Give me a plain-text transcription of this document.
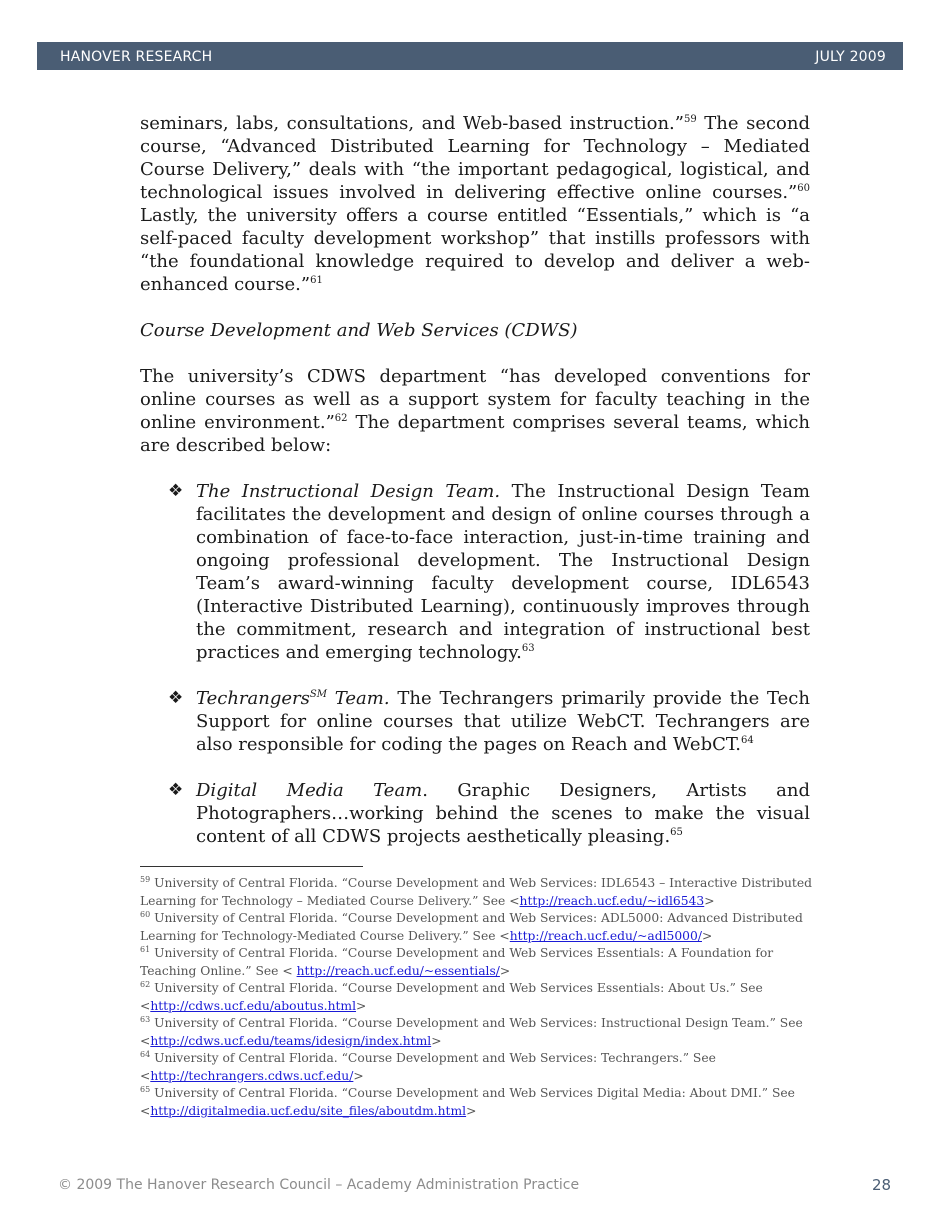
HANOVER RESEARCH	JULY 2009

seminars, labs, consultations, and Web-based instruction.”$^{59}$ The second course, “Advanced Distributed Learning for Technology – Mediated Course Delivery,” deals with “the important pedagogical, logistical, and technological issues involved in delivering effective online courses.”$^{60}$ Lastly, the university offers a course entitled “Essentials,” which is “a self-paced faculty development workshop” that instills professors with “the foundational knowledge required to develop and deliver a web-enhanced course.”$^{61}$

Course Development and Web Services (CDWS)

The university’s CDWS department “has developed conventions for online courses as well as a support system for faculty teaching in the online environment.”$^{62}$ The department comprises several teams, which are described below:

❖ The Instructional Design Team. The Instructional Design Team facilitates the development and design of online courses through a combination of face-to-face interaction, just-in-time training and ongoing professional development. The Instructional Design Team’s award-winning faculty development course, IDL6543 (Interactive Distributed Learning), continuously improves through the commitment, research and integration of instructional best practices and emerging technology.$^{63}$
❖ Techrangers℠ Team. The Techrangers primarily provide the Tech Support for online courses that utilize WebCT. Techrangers are also responsible for coding the pages on Reach and WebCT.$^{64}$
❖ Digital Media Team. Graphic Designers, Artists and Photographers…working behind the scenes to make the visual content of all CDWS projects aesthetically pleasing.$^{65}$

$^{59}$ University of Central Florida. “Course Development and Web Services: IDL6543 – Interactive Distributed Learning for Technology – Mediated Course Delivery.” See <http://reach.ucf.edu/~idl6543>

$^{60}$ University of Central Florida. “Course Development and Web Services: ADL5000: Advanced Distributed Learning for Technology-Mediated Course Delivery.” See <http://reach.ucf.edu/~adl5000/>

$^{61}$ University of Central Florida. “Course Development and Web Services Essentials: A Foundation for Teaching Online.” See < http://reach.ucf.edu/~essentials/>

$^{62}$ University of Central Florida. “Course Development and Web Services Essentials: About Us.” See <http://cdws.ucf.edu/aboutus.html>

$^{63}$ University of Central Florida. “Course Development and Web Services: Instructional Design Team.” See <http://cdws.ucf.edu/teams/idesign/index.html>

$^{64}$ University of Central Florida. “Course Development and Web Services: Techrangers.” See <http://techrangers.cdws.ucf.edu/>

$^{65}$ University of Central Florida. “Course Development and Web Services Digital Media: About DMI.” See <http://digitalmedia.ucf.edu/site_files/aboutdm.html>

© 2009 The Hanover Research Council – Academy Administration Practice	28
